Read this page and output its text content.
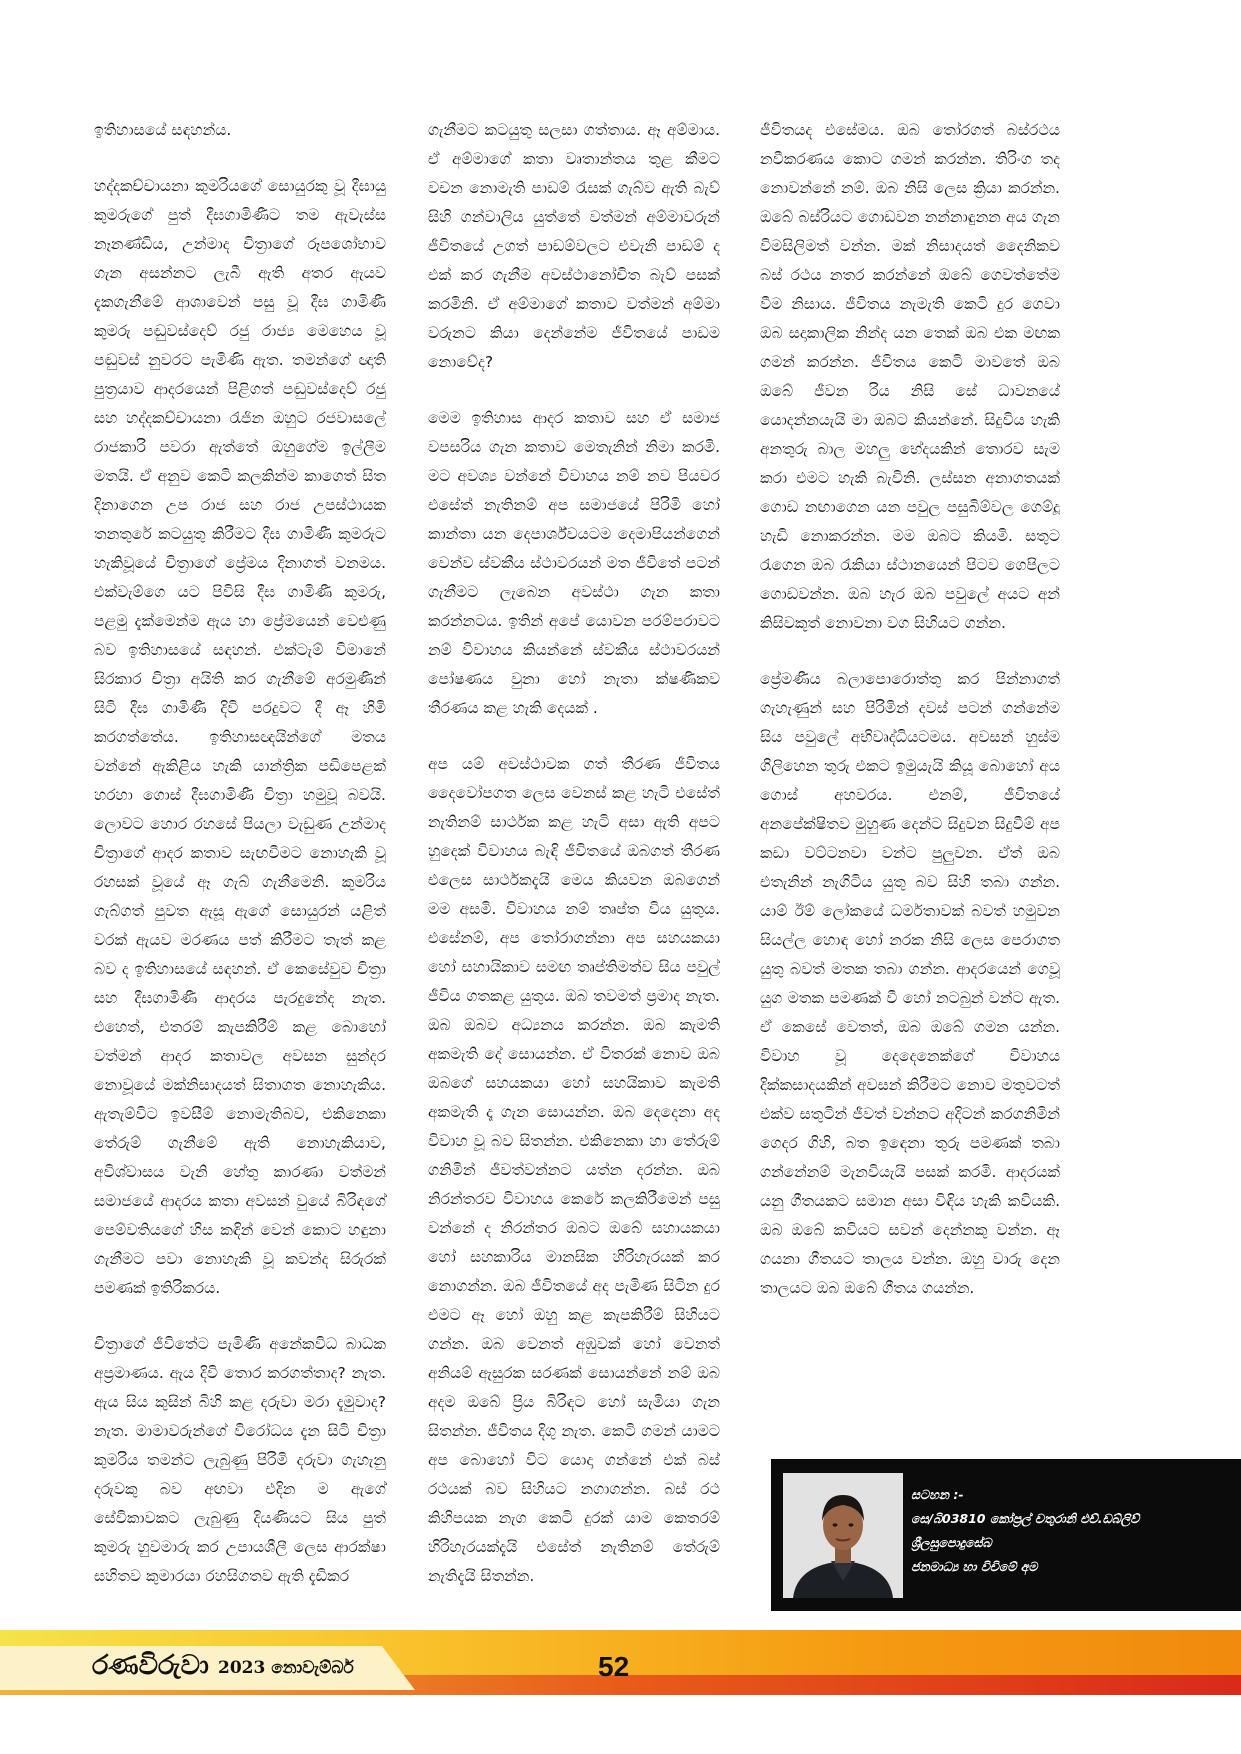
ඉතිහාසයේ සඳහන්ය.

හද්දකච්චායනා කුමරියගේ සොයුරකු වූ දීඝායු කුමරුගේ පුත් දීඝගාමිණීට තම ඇවැස්ස නෑනණ්ඩිය, උන්මාද චිත්‍රාගේ රූපශෝභාව ගැන අසන්නට ලැබී ඇති අතර ඇයව දැකගැනීමේ ආශාවෙන් පසු වූ දීඝ ගාමිණී කුමරු පඬුවස්දෙව් රජු රාජ්‍ය මෙහෙය වූ පඬුවස් නුවරට පැමිණි ඇත. තමන්ගේ ඥාති පුත්‍රයාව ආදරයෙන් පිළිගත් පඬුවස්දෙව් රජු සහ හද්දකච්චායනා රැජින ඔහුට රජවාසලේ රාජකාරි පවරා ඇත්තේ ඔහුගේම ඉල්ලීම මතයි. ඒ අනුව කෙටි කලකින්ම කාගෙත් සිත දිනාගෙන උප රාජ සහ රාජ උපස්ථායක තනතුරේ කටයුතු කිරීමට දීඝ ගාමිණී කුමරුට හැකිවූයේ චිත්‍රාගේ ප්‍රේමය දිනාගත් වනමය. එක්වැම්ගෙ යට පිවිසි දීඝ ගාමිණී කුමරු, පළමු දැක්මෙන්ම ඇය හා ප්‍රේමයෙන් වෙළුණු බව ඉතිහාසයේ සඳහන්. එක්ටැම් විමානේ සිරකාර චිත්‍රා අයිති කර ගැනීමේ අරමුණින් සිටි දීඝ ගාමිණී දිවි පරදුවට දී ඈ හිමි කරගත්තේය. ඉතිහාසඥයින්ගේ මතය වන්නේ ඇකිළිය හැකි යාන්ත්‍රික පඩිපෙළක් හරහා ගොස් දීඝගාමිණී චිත්‍රා හමුවූ බවයි. ලොවට හොර රහසේ පියලා වැඩුණ උන්මාද චිත්‍රාගේ ආදර කතාව සැඟවීමට නොහැකි වූ රහසක් වූයේ ඈ ගැබ් ගැනීමෙනි. කුමරිය ගැබ්ගත් පුවත ඇසූ ඇගේ සොයුරන් යළිත් වරක් ඇයව මරණය පත් කිරීමට තැත් කළ බව ද ඉතිහාසයේ සඳහන්. ඒ කෙසේවුව චිත්‍රා සහ දීඝගාමිණී ආදරය පැරදුනේද නැත. එහෙත්, එතරම් කැපකිරීම් කළ බොහෝ වත්මන් ආදර කතාවල අවසන සුන්දර නොවූයේ මක්නිසාදයත් සිතාගත නොහැකිය. ඇතැම්විට ඉවසීම් නොමැතිබව, එකිනෙකා තේරුම් ගැනීමේ ඇති නොහැකියාව, අවිශ්වාසය වැනි හේතු කාරණා වත්මන් සමාජයේ ආදරය කතා අවසන් වුයේ බිරිඳගේ පෙම්වතියගේ හිස කඳින් වෙන් කොට හඳුනා ගැනීමට පවා නොහැකි වූ කවන්ද සිරුරක් පමණක් ඉතිරිකරය.

චිත්‍රාගේ ජීවිතේට පැමිණි අනේකවිධ බාධක අප්‍රමාණය. ඇය දිවි තොර කරගත්තාද? නැත. ඇය සිය කුසින් බිහි කළ දරුවා මරා දැමුවාද? නැත. මාමාවරුන්ගේ විරෝධය දැන සිටි චිත්‍රා කුමරිය තමන්ට ලැබුණු පිරිමි දරුවා ගැහැනු දරුවකු බව අඟවා එදින ම ඇගේ සේවිකාවකට ලැබුණු දියණියට සිය පුත් කුමරු හුවමාරු කර උපායශීලී ලෙස ආරක්ෂා සහිතව කුමාරයා රහසිගතව ඇති දැඩිකර

ගැනීමට කටයුතු සලසා ගත්තාය. ඈ අම්මාය. ඒ අම්මාගේ කතා වෘතාන්තය තුළ කීමට වචන නොමැති පාඩම් රැසක් ගැබ්ව ඇති බැව් සිහි ගන්වාලිය යුත්තේ වත්මන් අම්මාවරුන් ජීවිතයේ උගත් පාඩම්වලට එවැනි පාඩම් ද එක් කර ගැනීම අවස්ථානෝචිත බැව් පසක් කරමිනි. ඒ අම්මාගේ කතාව වත්මන් අම්මා වරුනට කියා දෙන්නේම ජීවිතයේ පාඩම නොවේද?

මෙම ඉතිහාස ආදර කතාව සහ ඒ සමාජ වපසරිය ගැන කතාව මෙතැනින් නිමා කරමි. මට අවශ්‍ය වන්නේ විවාහය නම් නව පියවර එසේත් නැතිනම් අප සමාජයේ පිරිමි හෝ කාන්තා යන දෙපාර්ශ්වයටම දෙමාපියන්ගෙන් වෙන්ව ස්වකීය ස්ථාවරයන් මත ජීවිතේ පටන් ගැනීමට ලැබෙන අවස්ථා ගැන කතා කරන්නටය. ඉතින් අපේ යොවන පරම්පරාවට නම් විවාහය කියන්නේ ස්වකීය ස්ථාවරයන් පෝෂණය වුනා හෝ නැතා ක්ෂණිකව තීරණය කළ හැකි දෙයක් .

අප යම් අවස්ථාවක ගත් තීරණ ජීවිතය දෛවෝපගත ලෙස වෙනස් කළ හැටි එසේත් නැතිනම් සාර්ථක කළ හැටි අසා ඇති අපට හුදෙක් විවාහය බැඳි ජීවිතයේ ඔබගත් තීරණ එලෙස සාර්ථකදැයි මෙය කියවන ඔබගෙන් මම අසමි. විවාහය නම් තෘප්ත විය යුතුය. එසේනම්, අප තෝරාගන්නා අප සහයකයා හෝ සහායිකාව සමඟ තෘප්තිමත්ව සිය පවුල් ජීවිය ගතකළ යුතුය. ඔබ තවමත් ප්‍රමාද නැත. ඔබ ඔබව අධ්‍යනය කරන්න. ඔබ කැමති අකමැති දේ සොයන්න. ඒ විතරක් නොව ඔබ ඔබගේ සහයකයා හෝ සහයිකාව කැමති අකමැති දෑ ගැන සොයන්න. ඔබ දෙදෙනා අද විවාහ වූ බව සිතන්න. එකිනෙකා හා තේරුම් ගනිමින් ජීවත්වන්නට යත්න දරන්න. ඔබ නිරන්තරව විවාහය කෙරේ කලකිරීමෙන් පසු වන්නේ ද නිරන්තර ඔබට ඔබේ සහායකයා හෝ සහකාරිය මානසික හිරිහැරයක් කර නොගන්න. ඔබ ජීවිතයේ අද පැමිණ සිටින දුර එමට ඈ හෝ ඔහු කළ කැපකිරීම් සිහියට ගන්න. ඔබ වෙනත් අඹුවක් හෝ වෙනත් අනියම් ඇසුරක සරණක් සොයන්නේ නම් ඔබ අදම ඔබේ ප්‍රිය බිරිඳට හෝ සැමියා ගැන සිතන්න. ජීවිතය දිගු නැත. කෙටි ගමන් යාමට අප බොහෝ විට යොදා ගන්නේ එක් බස් රථයක් බව සිහියට නගාගන්න. බස් රථ කිහිපයක නැග කෙටි දුරක් යාම කෙතරම් හිරිහැරයක්දැයි එසේත් නැතිනම් තේරුම් නැතිදැයි සිතන්න.

ජීවිතයද එසේමය. ඔබ තෝරගත් බස්රථය නවීකරණය කොට ගමන් කරන්න. තිරිංග තද නොවන්නේ නම්. ඔබ නිසි ලෙස ක්‍රියා කරන්න. ඔබේ බස්රියට ගොඩවන නන්නාඳුනන අය ගැන විමසිලිමත් වන්න. මක් නිසාදයත් දෛනිකව බස් රථය නතර කරන්නේ ඔබේ ගෙවත්තේම වීම නිසාය. ජීවිතය නැමැති කෙටි දුර ගෙවා ඔබ සදාකාලික නින්ද යන තෙක් ඔබ එක මඟක ගමන් කරන්න. ජීවිතය කෙටි මාවතේ ඔබ ඔබේ ජීවන රිය නිසි සේ ධාවනයේ යොදන්නයැයි මා ඔබට කියන්නේ. සිදුවිය හැකි අනතුරු බාල මහලු භේදයකින් තොරව සැම කරා එමට හැකි බැවිනි. ලස්සන අනාගතයක් ගොඩ නඟාගෙන යන පවුල පසුබිම්වල ගෙම්දූ හැඩි නොකරන්න. මම ඔබට කියමි. සතුට රැගෙන ඔබ රැකියා ස්ථානයෙන් පිටව ගෙපිලට ගොඩවන්න. ඔබ හැර ඔබ පවුලේ අයට අන් කිසිවකුත් නොවනා වග සිහියට ගන්න.

ප්‍රේමණීය බලාපොරොත්තු කර පින්නාගත් ගැහැණුන් සහ පිරිමින් දවස් පටන් ගන්නේම සිය පවුලේ අභිවෘද්ධියටමය. අවසන් හුස්ම ගිලිහෙන තුරු එකට ඉමුයැයි කියූ බොහෝ අය ගොස් අහවරය. එනම්, ජීවිතයේ අනපේක්ෂිතව මුහුණ දෙන්ට සිදුවන සිදුවීම් අප කඩා වට්ටනවා වන්ට පුලුවන. ඒත් ඔබ එතැනින් නැගිටිය යුතු බව සිහි තබා ගන්න. යාම් ඊම් ලෝකයේ ධර්මතාවක් බවත් හමුවන සියල්ල හොඳ හෝ නරක නිසි ලෙස පෙරාගත යුතු බවත් මතක තබා ගන්න. ආදරයෙන් ගෙවූ යුග මතක පමණක් වී හෝ නටබුන් වන්ට ඇත. ඒ කෙසේ වෙතත්, ඔබ ඔබේ ගමන යන්න. විවාහ වූ දෙදෙනෙක්ගේ විවාහය දික්කසාදයකින් අවසන් කිරීමට නොව මතුවටත් එක්ව සතුටින් ජීවත් වන්නට අදිටන් කරගනිමින් ගෙදර ගිහි, බත ඉඳෙනා තුරු පමණක් තබා ගන්නේනම් මැනවියැයි පසක් කරමි. ආදරයක් යනු ගීතයකට සමාන අසා විඳිය හැකි කවියකි. ඔබ ඔබේ කවියට සවන් දෙන්නකු වන්න. ඈ ගයනා ගීතයට තාලය වන්න. ඔහු වාරු දෙන තාලයට ඔබ ඔබේ ගීතය ගයන්න.

සටහන :-
සෙ/බි03810 කෝප්‍රල් චතුරානි එච්.ඩබ්ලිව්
ශ්‍රීලසුපොදුසේබ
ජනමාධ්‍ය හා විචිමේ අම
රණවිරුවා 2023 නොවැම්බර්	52
